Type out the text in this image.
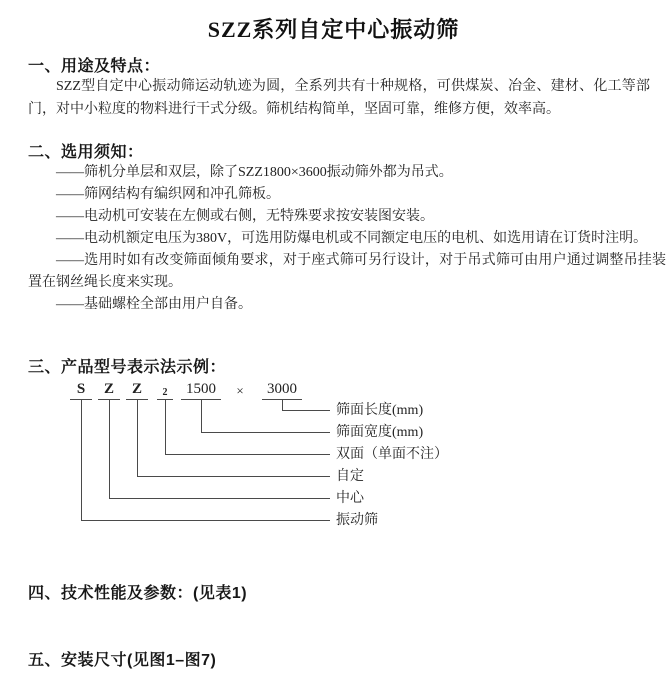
SZZ系列自定中心振动筛
一、用途及特点：

SZZ型自定中心振动筛运动轨迹为圆，全系列共有十种规格，可供煤炭、冶金、建材、化工等部门，对中小粒度的物料进行干式分级。筛机结构简单，坚固可靠，维修方便，效率高。

二、选用须知：

——筛机分单层和双层，除了SZZ1800×3600振动筛外都为吊式。

——筛网结构有编织网和冲孔筛板。

——电动机可安装在左侧或右侧，无特殊要求按安装图安装。

——电动机额定电压为380V，可选用防爆电机或不同额定电压的电机、如选用请在订货时注明。

——选用时如有改变筛面倾角要求，对于座式筛可另行设计，对于吊式筛可由用户通过调整吊挂装置在钢丝绳长度来实现。

——基础螺栓全部由用户自备。

三、产品型号表示法示例：
S	Z	Z	2	1500	×	3000
筛面长度(mm)
筛面宽度(mm)
双面（单面不注）
自定
中心
振动筛
四、技术性能及参数：(见表1)
五、安装尺寸(见图1–图7)
